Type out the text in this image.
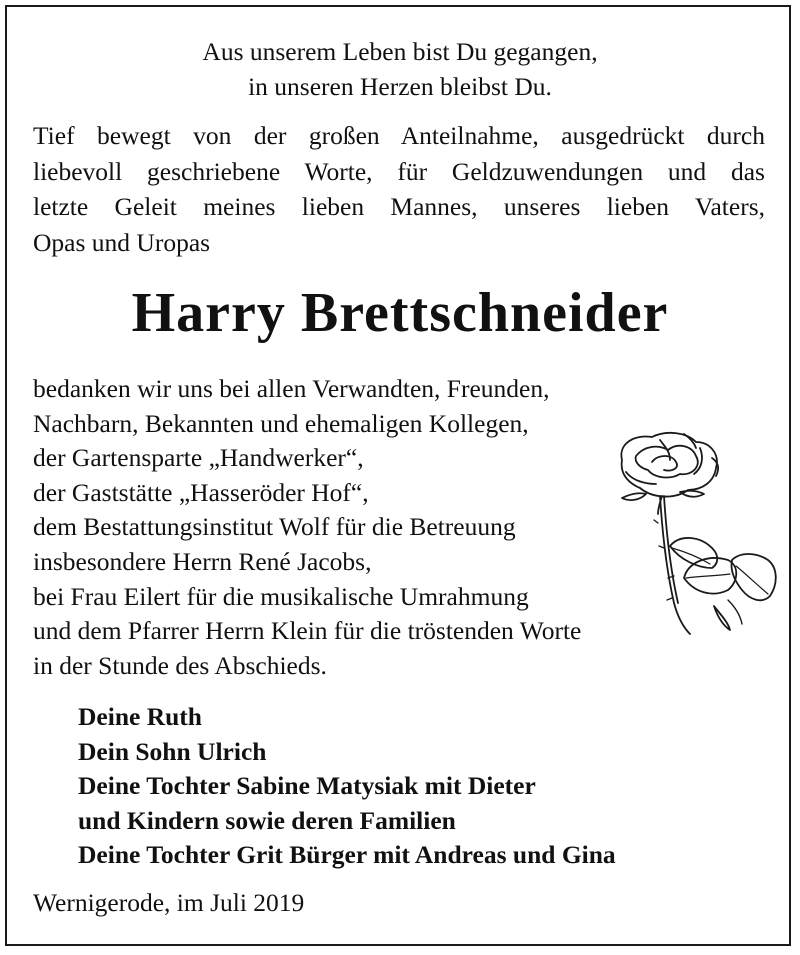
Aus unserem Leben bist Du gegangen,
in unseren Herzen bleibst Du.
Tief bewegt von der großen Anteilnahme, ausgedrückt durch
liebevoll geschriebene Worte, für Geldzuwendungen und das
letzte Geleit meines lieben Mannes, unseres lieben Vaters,
Opas und Uropas
Harry Brettschneider
bedanken wir uns bei allen Verwandten, Freunden,
Nachbarn, Bekannten und ehemaligen Kollegen,
der Gartensparte „Handwerker“,
der Gaststätte „Hasseröder Hof“,
dem Bestattungsinstitut Wolf für die Betreuung
insbesondere Herrn René Jacobs,
bei Frau Eilert für die musikalische Umrahmung
und dem Pfarrer Herrn Klein für die tröstenden Worte
in der Stunde des Abschieds.
Deine Ruth
Dein Sohn Ulrich
Deine Tochter Sabine Matysiak mit Dieter
und Kindern sowie deren Familien
Deine Tochter Grit Bürger mit Andreas und Gina
Wernigerode, im Juli 2019
